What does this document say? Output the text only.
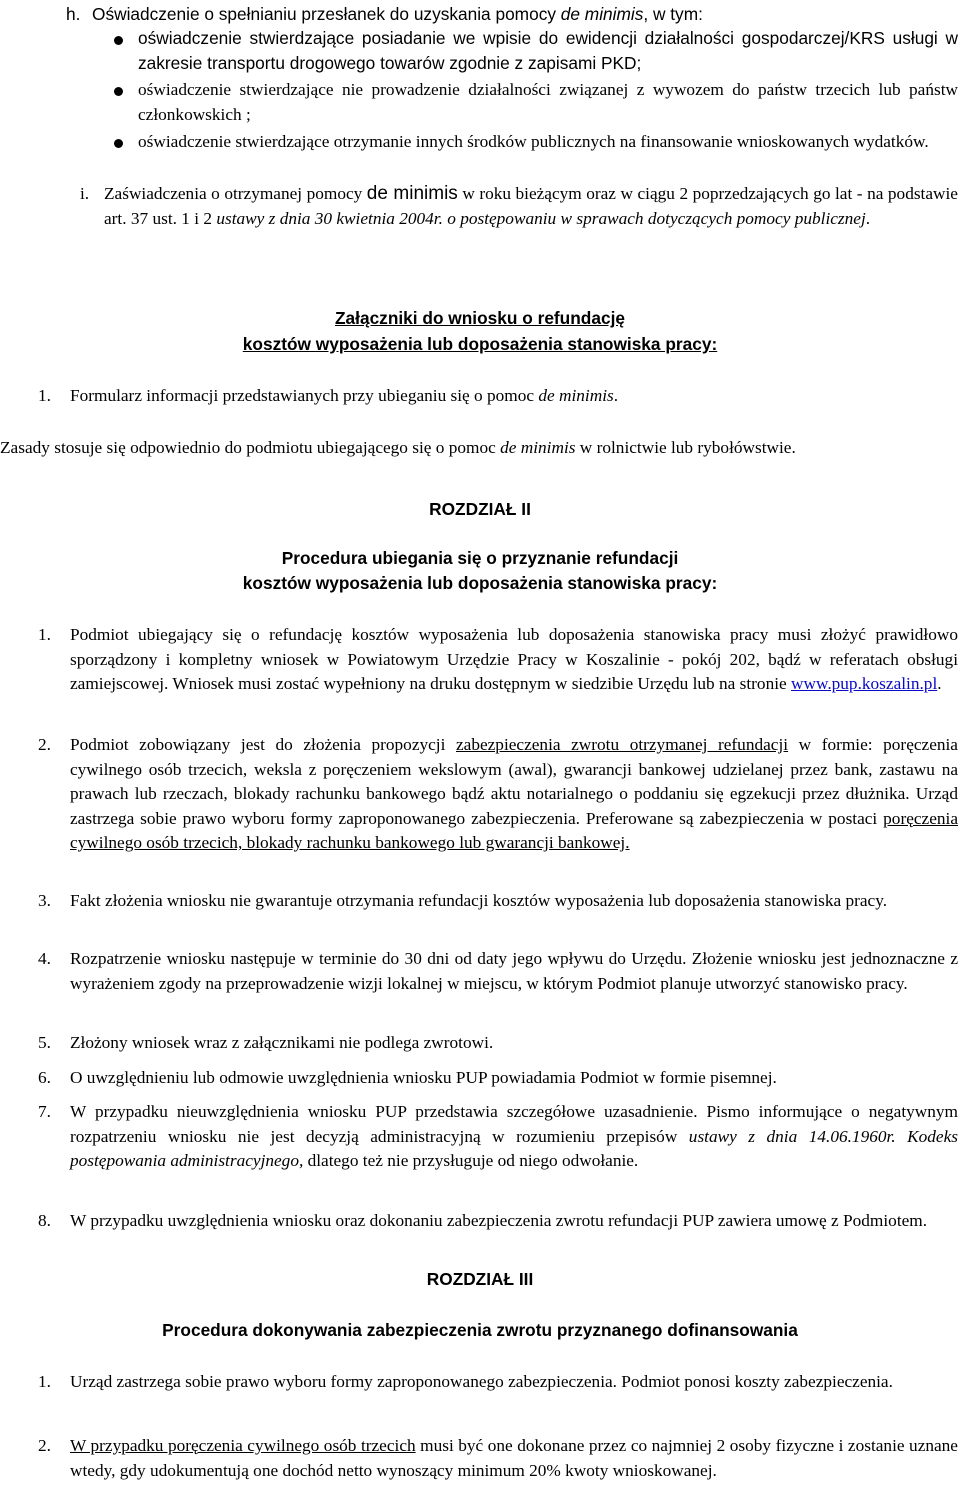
h. Oświadczenie o spełnianiu przesłanek do uzyskania pomocy de minimis, w tym:
oświadczenie stwierdzające posiadanie we wpisie do ewidencji działalności gospodarczej/KRS usługi w zakresie transportu drogowego towarów zgodnie z zapisami PKD;
oświadczenie stwierdzające nie prowadzenie działalności związanej z wywozem do państw trzecich lub państw członkowskich ;
oświadczenie stwierdzające otrzymanie innych środków publicznych na finansowanie wnioskowanych wydatków.
i. Zaświadczenia o otrzymanej pomocy de minimis w roku bieżącym oraz w ciągu 2 poprzedzających go lat - na podstawie art. 37 ust. 1 i 2 ustawy z dnia 30 kwietnia 2004r. o postępowaniu w sprawach dotyczących pomocy publicznej.
Załączniki do wniosku o refundację
kosztów wyposażenia lub doposażenia stanowiska pracy:
1. Formularz informacji przedstawianych przy ubieganiu się o pomoc de minimis.
Zasady stosuje się odpowiednio do podmiotu ubiegającego się o pomoc de minimis w rolnictwie lub rybołówstwie.
ROZDZIAŁ II
Procedura ubiegania się o przyznanie refundacji
kosztów wyposażenia lub doposażenia stanowiska pracy:
1. Podmiot ubiegający się o refundację kosztów wyposażenia lub doposażenia stanowiska pracy musi złożyć prawidłowo sporządzony i kompletny wniosek w Powiatowym Urzędzie Pracy w Koszalinie - pokój 202, bądź w referatach obsługi zamiejscowej. Wniosek musi zostać wypełniony na druku dostępnym w siedzibie Urzędu lub na stronie www.pup.koszalin.pl.
2. Podmiot zobowiązany jest do złożenia propozycji zabezpieczenia zwrotu otrzymanej refundacji w formie: poręczenia cywilnego osób trzecich, weksla z poręczeniem wekslowym (awal), gwarancji bankowej udzielanej przez bank, zastawu na prawach lub rzeczach, blokady rachunku bankowego bądź aktu notarialnego o poddaniu się egzekucji przez dłużnika. Urząd zastrzega sobie prawo wyboru formy zaproponowanego zabezpieczenia. Preferowane są zabezpieczenia w postaci poręczenia cywilnego osób trzecich, blokady rachunku bankowego lub gwarancji bankowej.
3. Fakt złożenia wniosku nie gwarantuje otrzymania refundacji kosztów wyposażenia lub doposażenia stanowiska pracy.
4. Rozpatrzenie wniosku następuje w terminie do 30 dni od daty jego wpływu do Urzędu. Złożenie wniosku jest jednoznaczne z wyrażeniem zgody na przeprowadzenie wizji lokalnej w miejscu, w którym Podmiot planuje utworzyć stanowisko pracy.
5. Złożony wniosek wraz z załącznikami nie podlega zwrotowi.
6. O uwzględnieniu lub odmowie uwzględnienia wniosku PUP powiadamia Podmiot w formie pisemnej.
7. W przypadku nieuwzględnienia wniosku PUP przedstawia szczegółowe uzasadnienie. Pismo informujące o negatywnym rozpatrzeniu wniosku nie jest decyzją administracyjną w rozumieniu przepisów ustawy z dnia 14.06.1960r. Kodeks postępowania administracyjnego, dlatego też nie przysługuje od niego odwołanie.
8. W przypadku uwzględnienia wniosku oraz dokonaniu zabezpieczenia zwrotu refundacji PUP zawiera umowę z Podmiotem.
ROZDZIAŁ III
Procedura dokonywania zabezpieczenia zwrotu przyznanego dofinansowania
1. Urząd zastrzega sobie prawo wyboru formy zaproponowanego zabezpieczenia. Podmiot ponosi koszty zabezpieczenia.
2. W przypadku poręczenia cywilnego osób trzecich musi być one dokonane przez co najmniej 2 osoby fizyczne i zostanie uznane wtedy, gdy udokumentują one dochód netto wynoszący minimum 20% kwoty wnioskowanej.
